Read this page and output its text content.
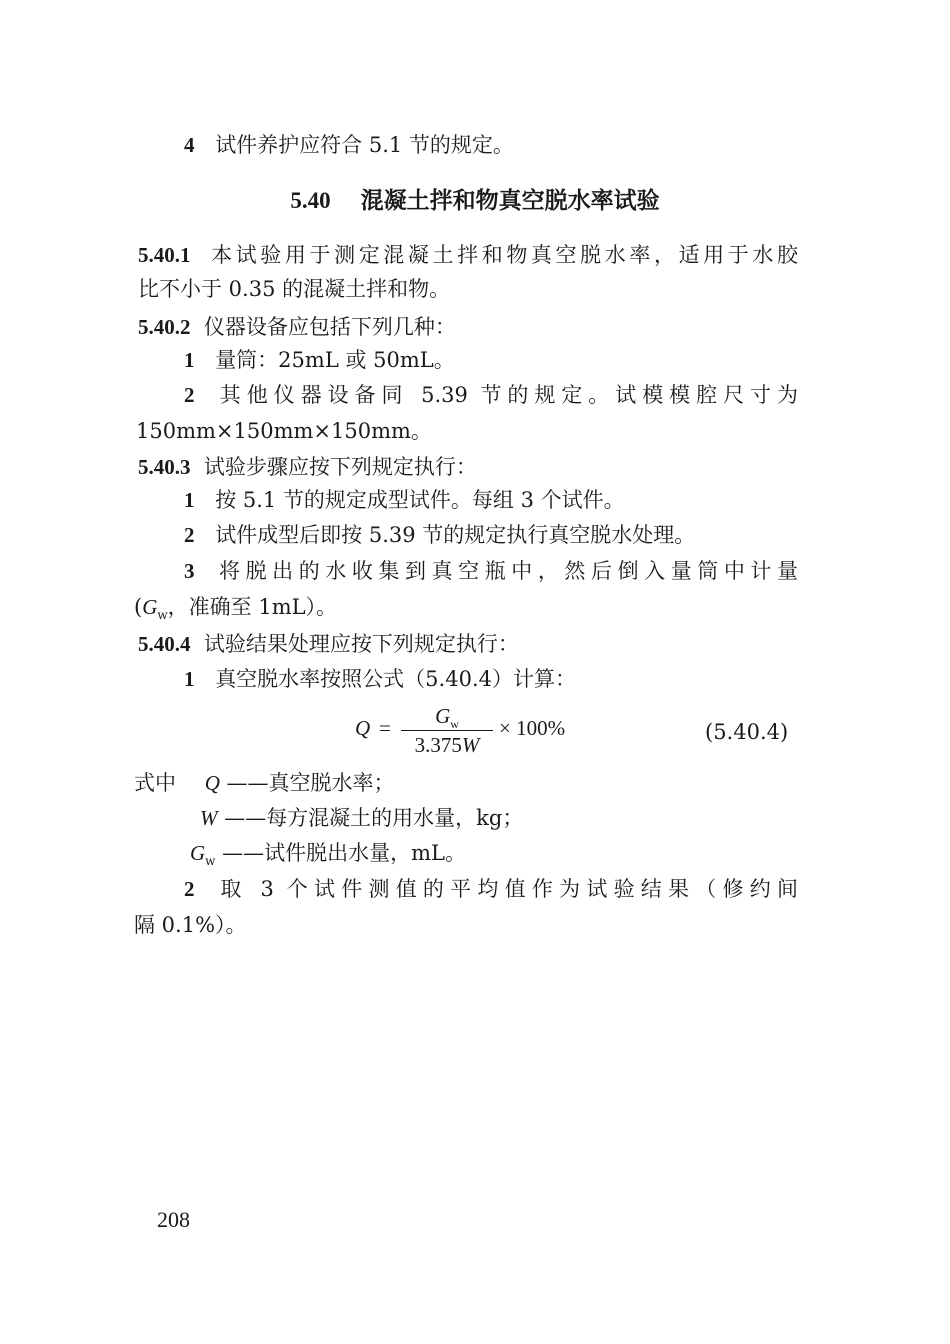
4 试件养护应符合 5.1 节的规定。
5.40 混凝土拌和物真空脱水率试验
5.40.1 本试验用于测定混凝土拌和物真空脱水率，适用于水胶
比不小于 0.35 的混凝土拌和物。
5.40.2 仪器设备应包括下列几种：
1 量筒：25mL 或 50mL。
2 其他仪器设备同 5.39 节的规定。试模模腔尺寸为
150mm×150mm×150mm。
5.40.3 试验步骤应按下列规定执行：
1 按 5.1 节的规定成型试件。每组 3 个试件。
2 试件成型后即按 5.39 节的规定执行真空脱水处理。
3 将脱出的水收集到真空瓶中，然后倒入量筒中计量
($G_w$，准确至 1mL）。
5.40.4 试验结果处理应按下列规定执行：
1 真空脱水率按照公式（5.40.4）计算：
Q =	$G_w$
3.375W
× 100%	(5.40.4)
式中 Q ——真空脱水率；
W ——每方混凝土的用水量，kg；
$G_w$ ——试件脱出水量，mL。
2 取 3 个试件测值的平均值作为试验结果（修约间
隔 0.1%）。
208
